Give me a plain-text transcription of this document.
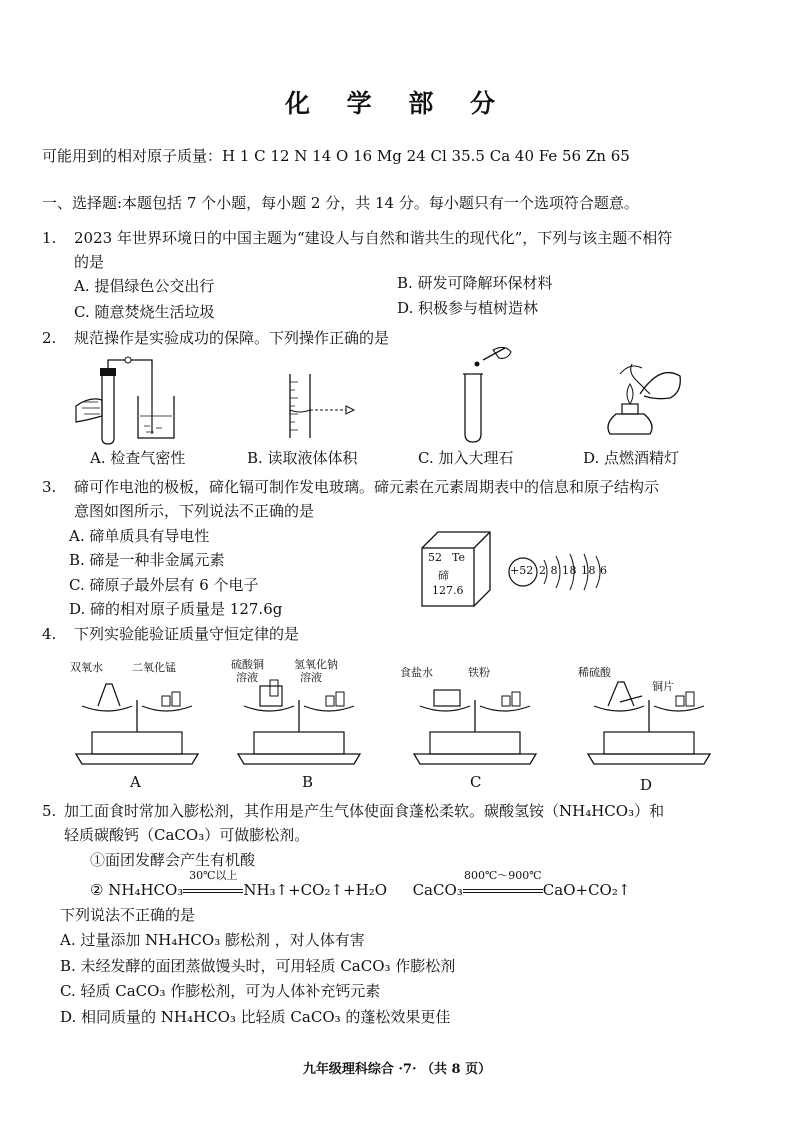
化 学 部 分
可能用到的相对原子质量：H 1 C 12 N 14 O 16 Mg 24 Cl 35.5 Ca 40 Fe 56 Zn 65
一、选择题:本题包括 7 个小题，每小题 2 分，共 14 分。每小题只有一个选项符合题意。
1. 2023 年世界环境日的中国主题为“建设人与自然和谐共生的现代化”，下列与该主题不相符
的是
A. 提倡绿色公交出行	B. 研发可降解环保材料
C. 随意焚烧生活垃圾	D. 积极参与植树造林
2. 规范操作是实验成功的保障。下列操作正确的是
A. 检查气密性	B. 读取液体体积	C. 加入大理石	D. 点燃酒精灯
3. 碲可作电池的极板，碲化镉可制作发电玻璃。碲元素在元素周期表中的信息和原子结构示
意图如图所示，下列说法不正确的是
A. 碲单质具有导电性
B. 碲是一种非金属元素
C. 碲原子最外层有 6 个电子
D. 碲的相对原子质量是 127.6g
52 Te
碲
127.6
+52 2 8 18 18 6
4. 下列实验能验证质量守恒定律的是
双氧水	二氧化锰	硫酸铜
溶液
氢氧化钠
溶液	食盐水	铁粉	稀硫酸
铜片
A	B	C	D
5. 加工面食时常加入膨松剂，其作用是产生气体使面食蓬松柔软。碳酸氢铵（NH₄HCO₃）和
轻质碳酸钙（CaCO₃）可做膨松剂。
①面团发酵会产生有机酸
② NH₄HCO₃
30℃以上
NH₃↑+CO₂↑+H₂O CaCO₃
800℃～900℃
CaO+CO₂↑
下列说法不正确的是
A. 过量添加 NH₄HCO₃ 膨松剂 ，对人体有害
B. 未经发酵的面团蒸做馒头时，可用轻质 CaCO₃ 作膨松剂
C. 轻质 CaCO₃ 作膨松剂，可为人体补充钙元素
D. 相同质量的 NH₄HCO₃ 比轻质 CaCO₃ 的蓬松效果更佳
九年级理科综合 ·7· （共 8 页）
